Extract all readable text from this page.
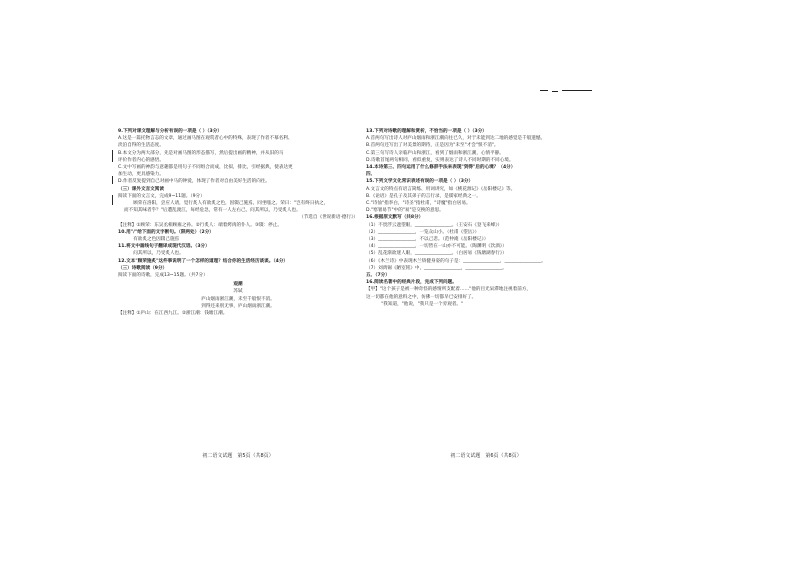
9.下列对课文理解与分析有误的一项是（ ）（3分）
A.这是一篇托物言志的文章，通过画马图在观赏者心中的特殊，表现了作者不慕名利、
淡泊自得的生活态度。
B.本文分为两大部分，先是对画马图的形态描写，然后提出画的精神，并从旧的马
评价作者内心的感悟。
C.文中写画的神韵与意趣都是用句子不同组合而成，比拟，排比，引经据典，使表达更
加生动，更具感染力。
D.作者反复提到自己对画中马的钟爱，体现了作者对自由美好生活的向往。
（三）课外文言文阅读
阅读下面的文言文，完成9~11题。（9分）
　　顾荣在洛阳，尝应人请，觉行炙人有欲炙之色，因辍己施焉。同坐嗤之。荣曰："岂有终日执之，
而不知其味者乎？"后遭乱渡江，每经危急，常有一人左右己，问其所以，乃受炙人也。
（节选自《世说新语·德行》）
【注释】①顾荣：东吴丞相顾雍之孙。②行炙人：端着烤肉的仆人。③辍：停止。
10.用"/"给下面的文字断句。（限两处）（2分）
　　有欲炙之色因辍己施焉
11.将文中画线句子翻译成现代汉语。（3分）
　　问其所以，乃受炙人也。
12.文本"顾荣施炙"这件事说明了一个怎样的道理？结合你的生活经历谈谈。（4分）
（三）诗歌阅读（9分）
阅读下面的诗歌，完成13~15题。（共7分）
观潮
苏轼
庐山烟雨浙江潮，未至千般恨不消。
到得还来别无事，庐山烟雨浙江潮。
【注释】①庐山：在江西九江。②浙江潮：钱塘江潮。
初二语文试题　第5页（共8页）
13.下列对诗歌的理解和赏析，不恰当的一项是（ ）（3分）
A.首两句写出诗人对庐山烟雨和浙江潮向往已久，对于未能到达二地的感觉是千般遗憾。
B.首两句还写出了对美景的期待，正是因为"未至"才会"恨不消"。
C.第三句写诗人亲临庐山和浙江，看到了烟雨和浙江潮，心情平静。
D.诗歌首尾两句相同，看似重复，实则表达了诗人不同时期的不同心境。
14.本诗第三、四句运用了什么修辞手法来表现"到得"后的心境？（4分）
四、
15.下列文学文化常识表述有误的一项是（ ）（3分）
A.文言文的特点有语言简练、用词讲究，如《桃花源记》《岳阳楼记》等。
B.《论语》是孔子及其弟子的言行录，是儒家经典之一。
C."诗仙"指李白，"诗圣"指杜甫，"诗魔"指白居易。
D."寒暑易节"中的"易"是交换的意思。
16.根据原文默写（共8分）
（1）不畏浮云遮望眼，________________。（王安石《登飞来峰》）
（2）________________，一览众山小。（杜甫《望岳》）
（3）________________，不以己悲。（范仲淹《岳阳楼记》）
（4）________________，一切皆在一山亦不可能。（陶渊明《饮酒》）
（5）乱花渐欲迷人眼，________________。（白居易《钱塘湖春行》）
（6）《木兰诗》中表现木兰矫健身姿的句子是：________________，________________。
（7）刘禹锡《陋室铭》中，________________，________________。
五、（7分）
16.阅读名著中的经典片段，完成下列问题。
【甲】"这个孩子是被一种奇怪的感情所支配着……"他的目光呆滞地注视着前方，
这一切都在他的意料之中，仿佛一切都早已安排好了。
　　"我知道，"他说，"我只是一个旁观者。"
初二语文试题　第6页（共8页）
